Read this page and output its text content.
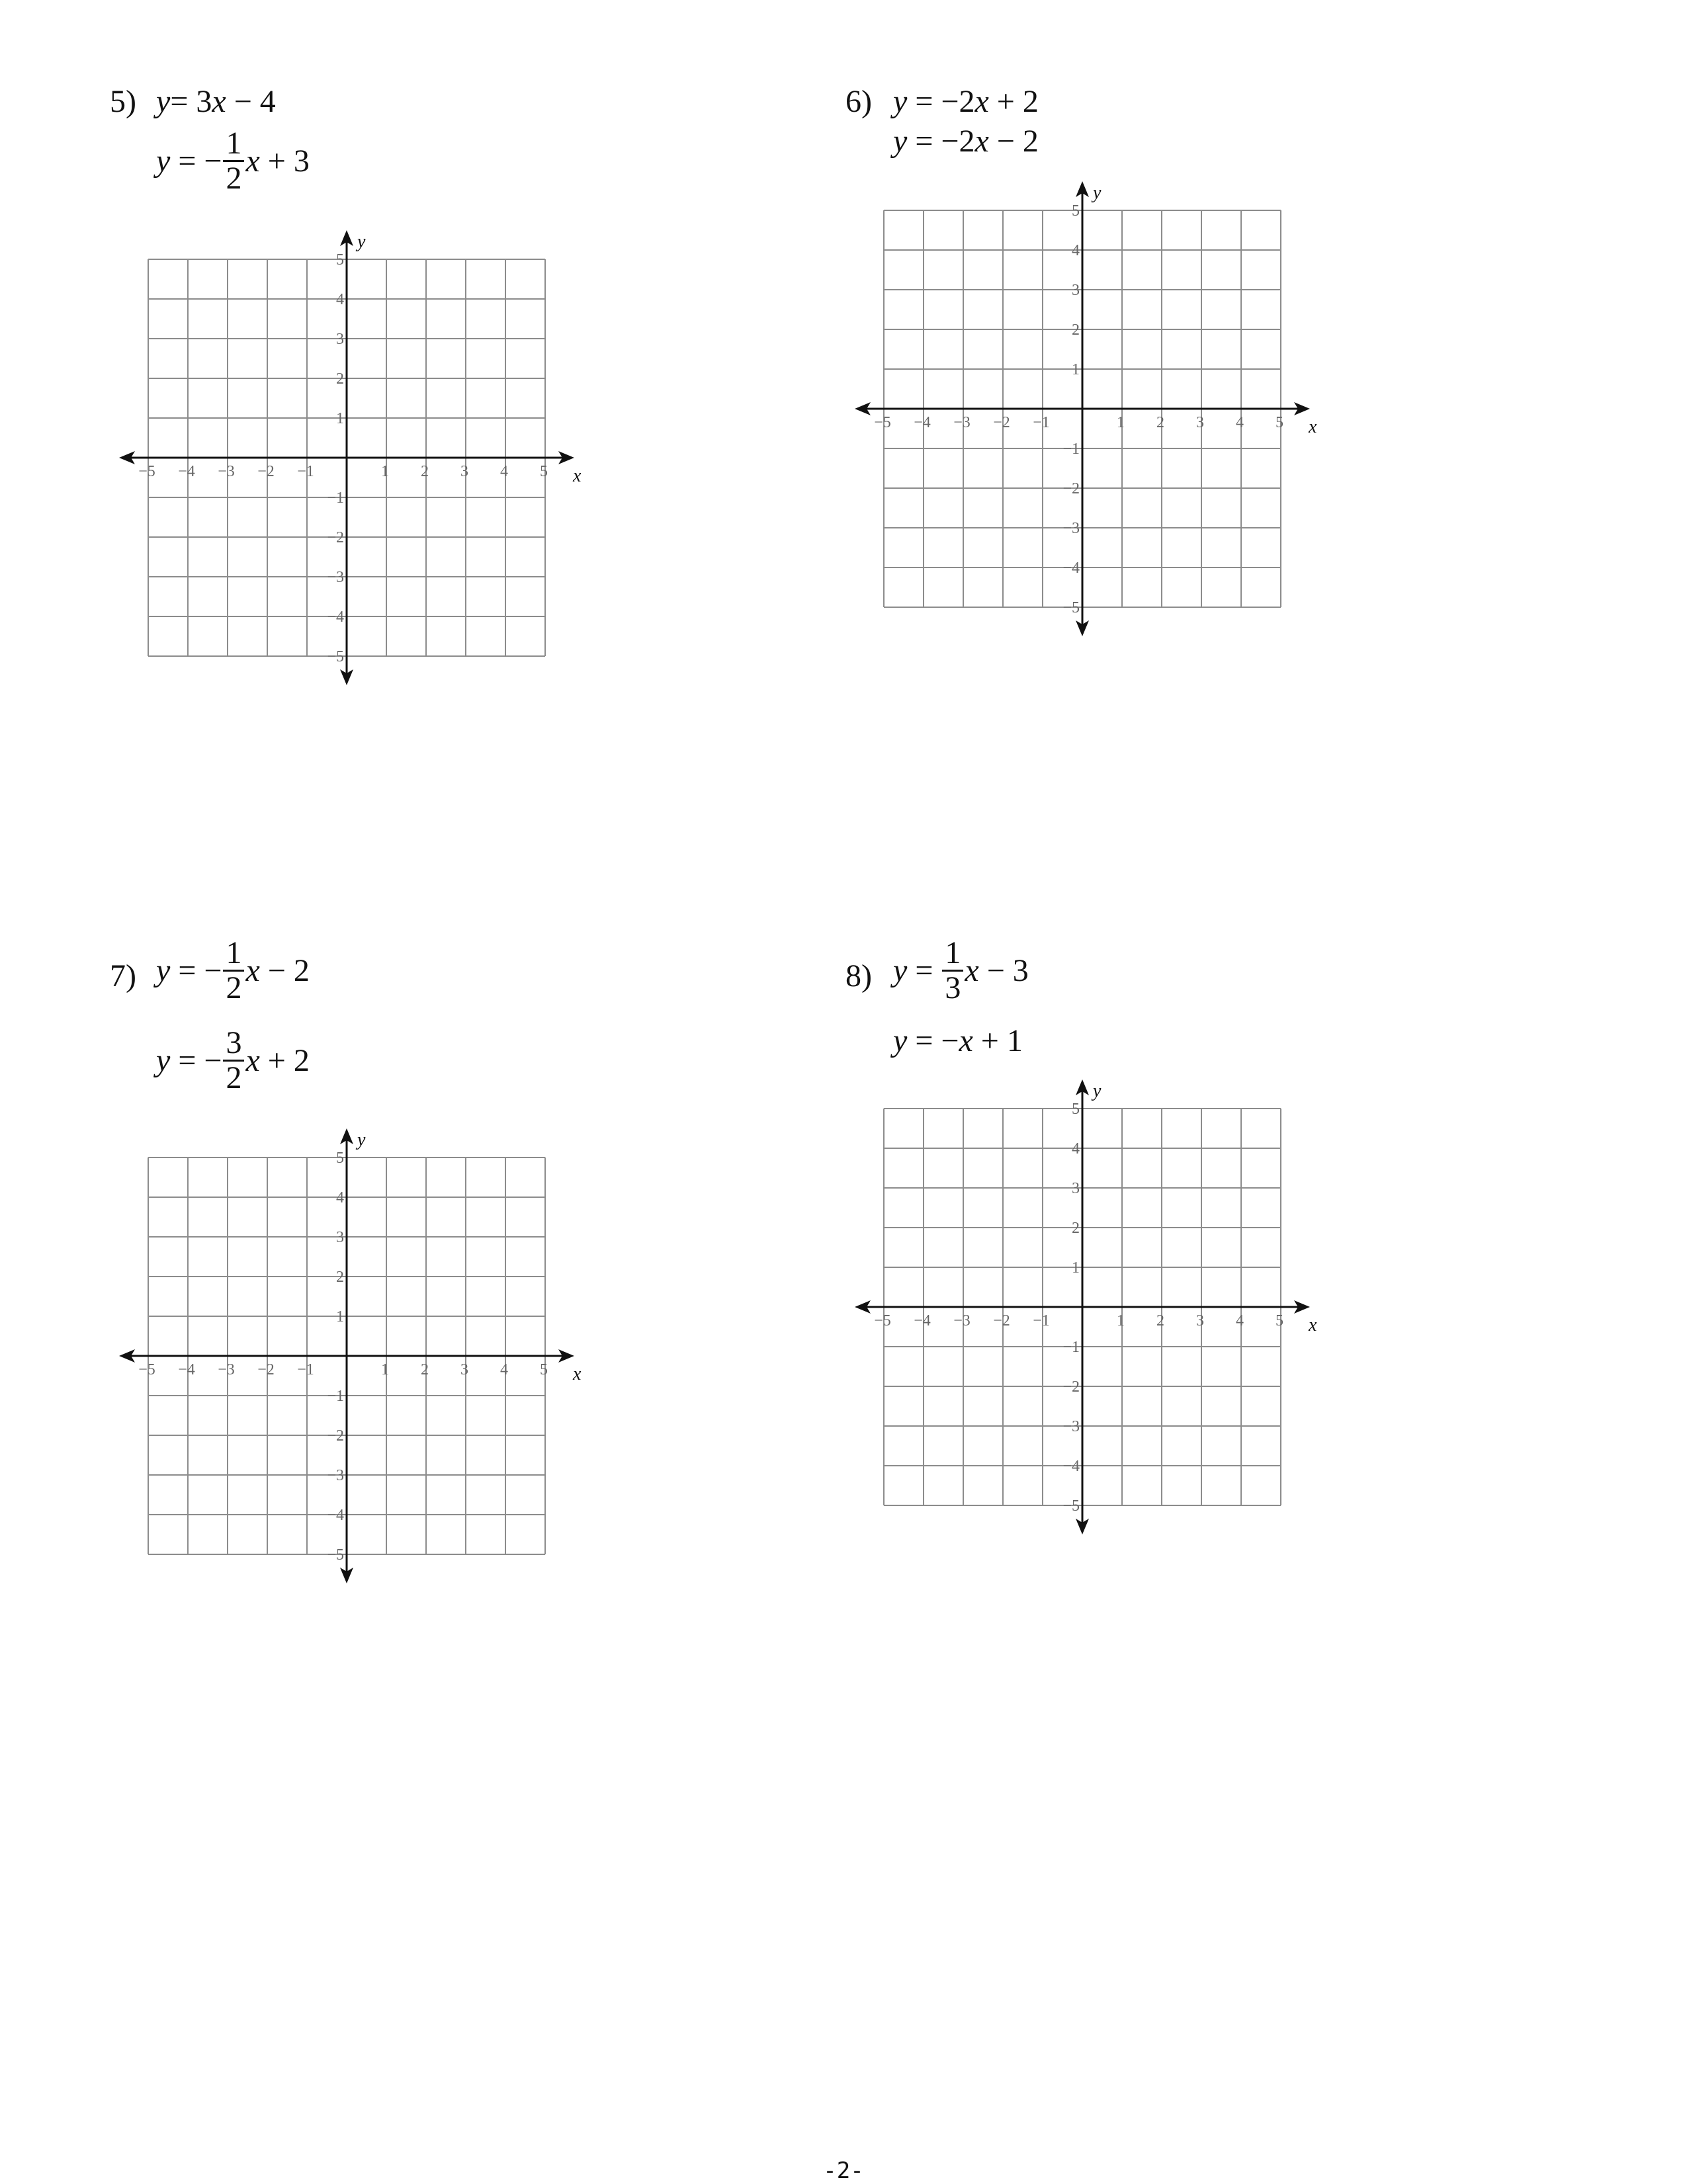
5) y= 3x − 4
y = − $\frac{1}{2}$ x + 3
6) y = −2x + 2
y = −2x − 2
7) y = − $\frac{1}{2}$ x − 2
y = − $\frac{3}{2}$ x + 2
8) $y = \frac{1}{3}$ x − 3
y = −x + 1
−5 −4 −3 −2 −1	1 2 3 4 5
5
4
3
2
1
−1
−2
−3
−4
−5
x
y
−5 −4 −3 −2 −1	1 2 3 4 5
5
4
3
2
1
−1
−2
−3
−4
−5
x
y
−5 −4 −3 −2 −1	1 2 3 4 5
5
4
3
2
1
−1
−2
−3
−4
−5
x
y
−5 −4 −3 −2 −1	1 2 3 4 5
5
4
3
2
1
−1
−2
−3
−4
−5
x
y
-2-
